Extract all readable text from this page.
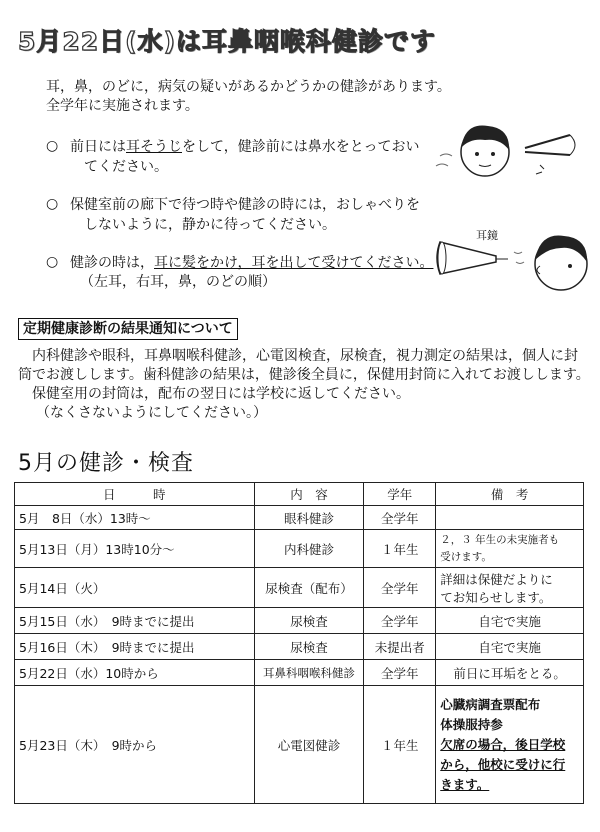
5月22日(水)は耳鼻咽喉科健診です
耳，鼻，のどに，病気の疑いがあるかどうかの健診があります。
全学年に実施されます。
○ 前日には耳そうじをして，健診前には鼻水をとっておい
てください。
○ 保健室前の廊下で待つ時や健診の時には，おしゃべりを
しないように，静かに待ってください。
○ 健診の時は，耳に髪をかけ，耳を出して受けてください。
（左耳，右耳，鼻，のどの順）
耳鏡
定期健康診断の結果通知について
内科健診や眼科，耳鼻咽喉科健診，心電図検査，尿検査，視力測定の結果は，個人に封
筒でお渡しします。歯科健診の結果は，健診後全員に，保健用封筒に入れてお渡しします。
保健室用の封筒は，配布の翌日には学校に返してください。
（なくさないようにしてください。）
5月の健診・検査
日　　　時	内　容	学年	備　考
5月　8日（水）13時〜	眼科健診	全学年	
5月13日（月）13時10分〜	内科健診	１年生	２，３ 年生の未実施者も
受けます。

5月14日（火）	尿検査（配布）	全学年	詳細は保健だよりに
てお知らせします。

5月15日（水）　9時までに提出	尿検査	全学年	自宅で実施
5月16日（木）　9時までに提出	尿検査	未提出者	自宅で実施
5月22日（水）10時から	耳鼻科咽喉科健診	全学年	前日に耳垢をとる。
5月23日（木）　9時から	心電図健診	１年生	心臓病調査票配布
体操服持参
欠席の場合，後日学校
から，他校に受けに行
きます。
